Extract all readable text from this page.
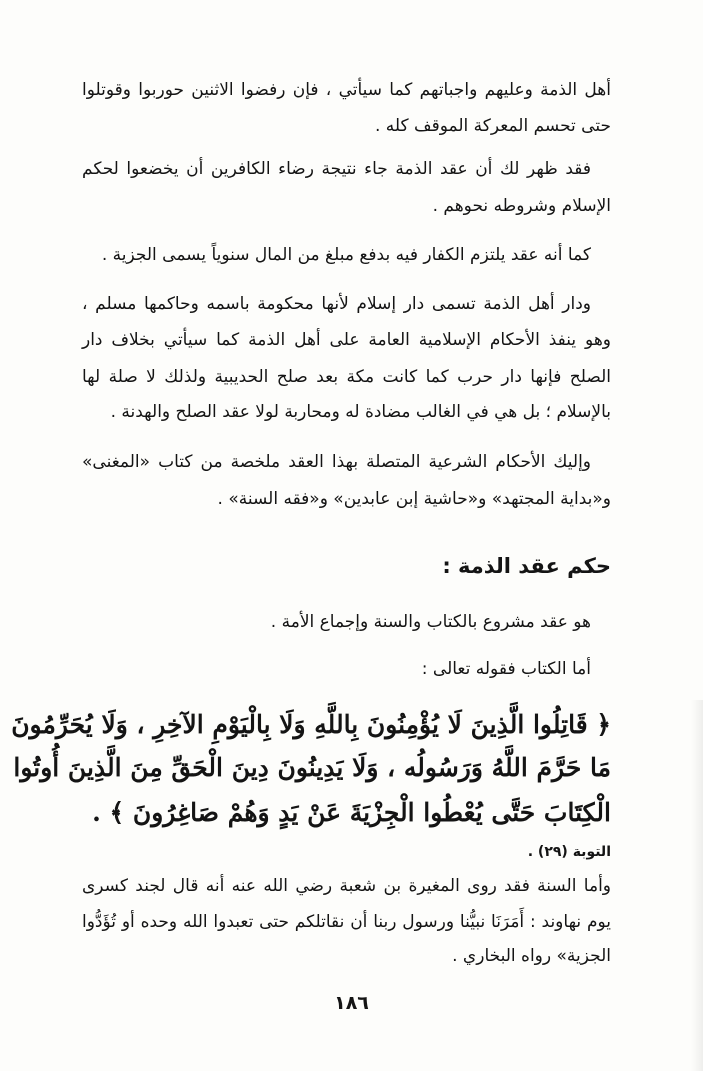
أهل الذمة وعليهم واجباتهم كما سيأتي ، فإن رفضوا الاثنين حوربوا وقوتلوا
حتى تحسم المعركة الموقف كله .
فقد ظهر لك أن عقد الذمة جاء نتيجة رضاء الكافرين أن يخضعوا لحكم
الإسلام وشروطه نحوهم .
كما أنه عقد يلتزم الكفار فيه بدفع مبلغ من المال سنوياً يسمى الجزية .
ودار أهل الذمة تسمى دار إسلام لأنها محكومة باسمه وحاكمها مسلم ،
وهو ينفذ الأحكام الإسلامية العامة على أهل الذمة كما سيأتي بخلاف دار
الصلح فإنها دار حرب كما كانت مكة بعد صلح الحديبية ولذلك لا صلة لها
بالإسلام ؛ بل هي في الغالب مضادة له ومحاربة لولا عقد الصلح والهدنة .
وإليك الأحكام الشرعية المتصلة بهذا العقد ملخصة من كتاب «المغنى»
و«بداية المجتهد» و«حاشية إبن عابدين» و«فقه السنة» .
حكم عقد الذمة :
هو عقد مشروع بالكتاب والسنة وإجماع الأمة .
أما الكتاب فقوله تعالى :
﴿ قَاتِلُوا الَّذِينَ لَا يُؤْمِنُونَ بِاللَّهِ وَلَا بِالْيَوْمِ الآخِرِ ، وَلَا يُحَرِّمُونَ
مَا حَرَّمَ اللَّهُ وَرَسُولُه ، وَلَا يَدِينُونَ دِينَ الْحَقِّ مِنَ الَّذِينَ أُوتُوا
الْكِتَابَ حَتَّى يُعْطُوا الْجِزْيَةَ عَنْ يَدٍ وَهُمْ صَاغِرُونَ ﴾ .
التوبة (٢٩) .
وأما السنة فقد روى المغيرة بن شعبة رضي الله عنه أنه قال لجند كسرى
يوم نهاوند : أَمَرَنَا نبيُّنا ورسول ربنا أن نقاتلكم حتى تعبدوا الله وحده أو تُؤَدُّوا
الجزية» رواه البخاري .
١٨٦
